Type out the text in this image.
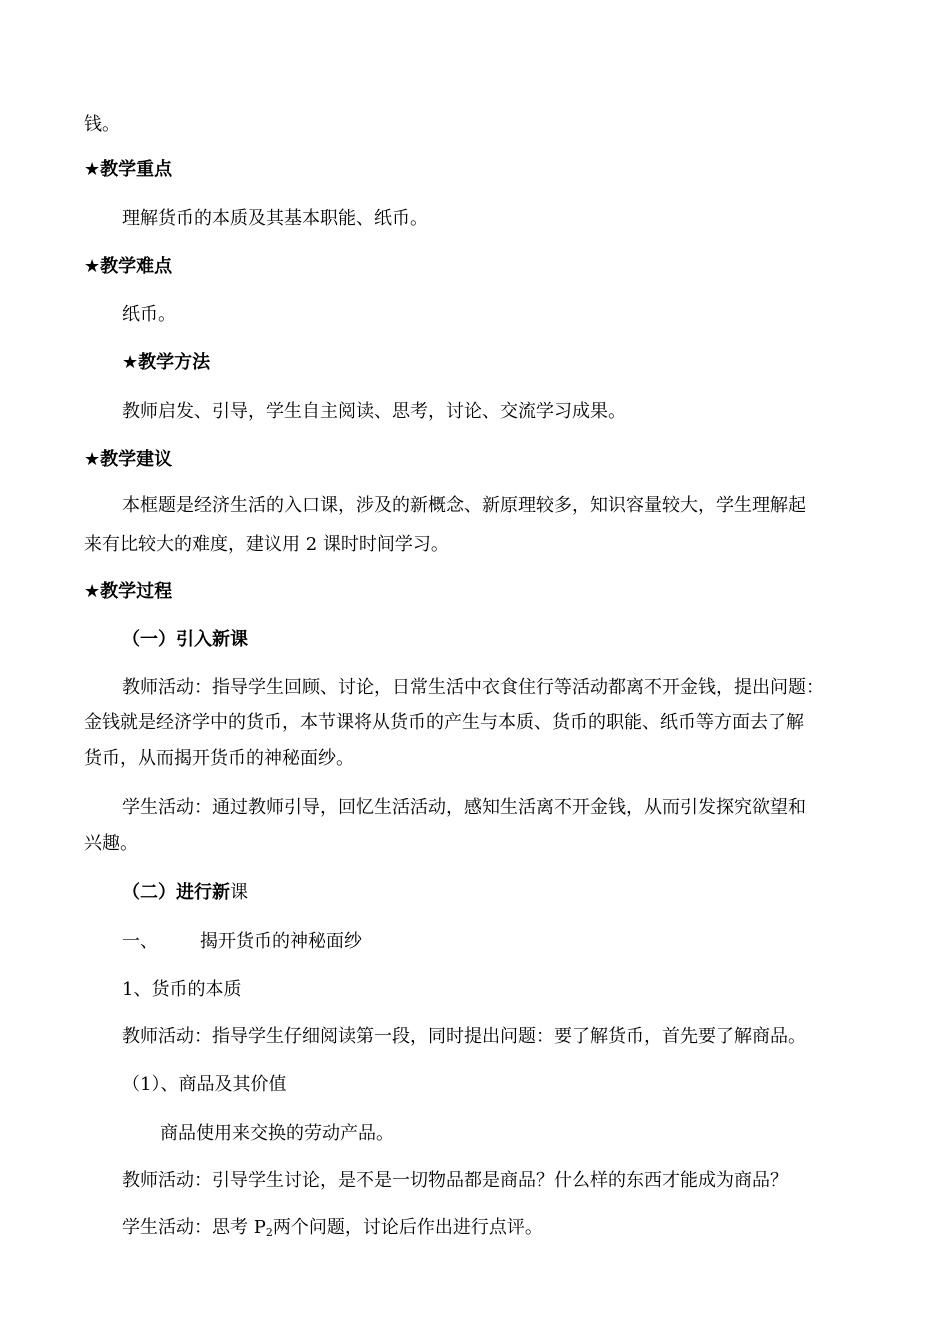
钱。
★教学重点
理解货币的本质及其基本职能、纸币。
★教学难点
纸币。
★教学方法
教师启发、引导，学生自主阅读、思考，讨论、交流学习成果。
★教学建议
本框题是经济生活的入口课，涉及的新概念、新原理较多，知识容量较大，学生理解起
来有比较大的难度，建议用 2 课时时间学习。
★教学过程
（一）引入新课
教师活动：指导学生回顾、讨论，日常生活中衣食住行等活动都离不开金钱，提出问题：
金钱就是经济学中的货币，本节课将从货币的产生与本质、货币的职能、纸币等方面去了解
货币，从而揭开货币的神秘面纱。
学生活动：通过教师引导，回忆生活活动，感知生活离不开金钱，从而引发探究欲望和
兴趣。
（二）进行新课
一、 揭开货币的神秘面纱
1、货币的本质
教师活动：指导学生仔细阅读第一段，同时提出问题：要了解货币，首先要了解商品。
（1）、商品及其价值
商品使用来交换的劳动产品。
教师活动：引导学生讨论，是不是一切物品都是商品？什么样的东西才能成为商品？
学生活动：思考 $P_2$两个问题，讨论后作出进行点评。
